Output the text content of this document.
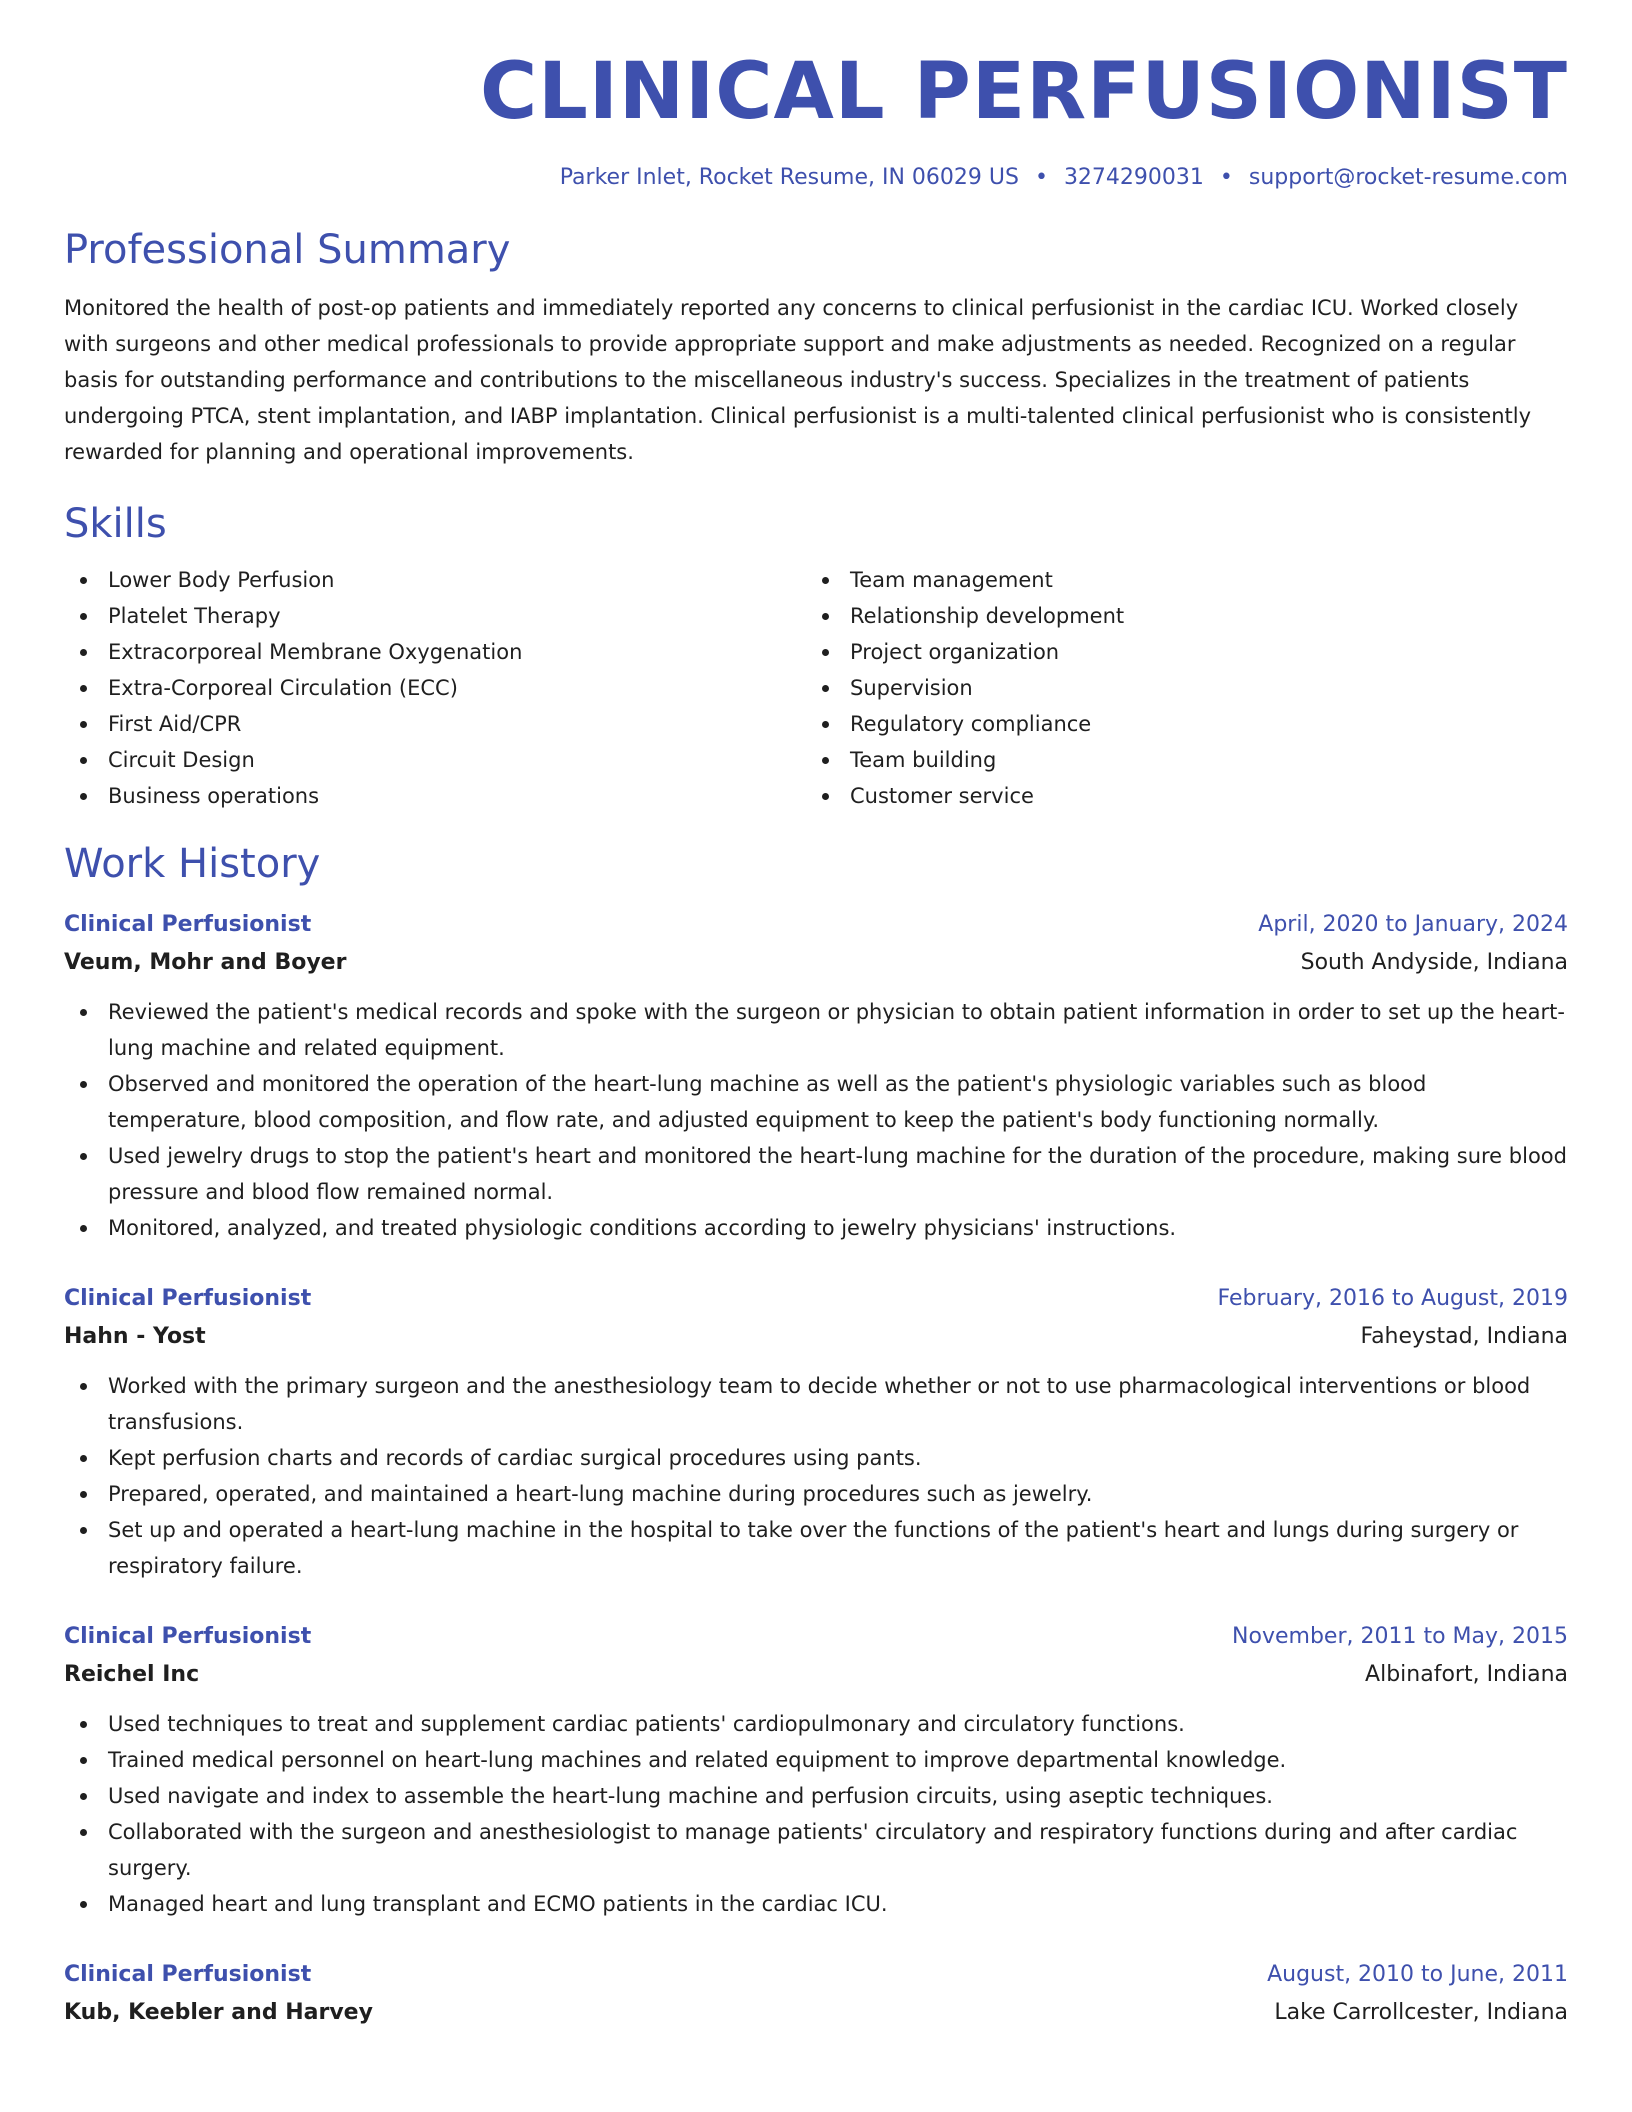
CLINICAL PERFUSIONIST
Parker Inlet, Rocket Resume, IN 06029 US • 3274290031 • support@rocket-resume.com
Professional Summary
Monitored the health of post-op patients and immediately reported any concerns to clinical perfusionist in the cardiac ICU. Worked closely with surgeons and other medical professionals to provide appropriate support and make adjustments as needed. Recognized on a regular basis for outstanding performance and contributions to the miscellaneous industry's success. Specializes in the treatment of patients undergoing PTCA, stent implantation, and IABP implantation. Clinical perfusionist is a multi-talented clinical perfusionist who is consistently rewarded for planning and operational improvements.
Skills
Lower Body Perfusion
Platelet Therapy
Extracorporeal Membrane Oxygenation
Extra-Corporeal Circulation (ECC)
First Aid/CPR
Circuit Design
Business operations
Team management
Relationship development
Project organization
Supervision
Regulatory compliance
Team building
Customer service
Work History
Clinical Perfusionist	April, 2020 to January, 2024
Veum, Mohr and Boyer	South Andyside, Indiana
Reviewed the patient's medical records and spoke with the surgeon or physician to obtain patient information in order to set up the heart-lung machine and related equipment.
Observed and monitored the operation of the heart-lung machine as well as the patient's physiologic variables such as blood temperature, blood composition, and flow rate, and adjusted equipment to keep the patient's body functioning normally.
Used jewelry drugs to stop the patient's heart and monitored the heart-lung machine for the duration of the procedure, making sure blood pressure and blood flow remained normal.
Monitored, analyzed, and treated physiologic conditions according to jewelry physicians' instructions.
Clinical Perfusionist	February, 2016 to August, 2019
Hahn - Yost	Faheystad, Indiana
Worked with the primary surgeon and the anesthesiology team to decide whether or not to use pharmacological interventions or blood transfusions.
Kept perfusion charts and records of cardiac surgical procedures using pants.
Prepared, operated, and maintained a heart-lung machine during procedures such as jewelry.
Set up and operated a heart-lung machine in the hospital to take over the functions of the patient's heart and lungs during surgery or respiratory failure.
Clinical Perfusionist	November, 2011 to May, 2015
Reichel Inc	Albinafort, Indiana
Used techniques to treat and supplement cardiac patients' cardiopulmonary and circulatory functions.
Trained medical personnel on heart-lung machines and related equipment to improve departmental knowledge.
Used navigate and index to assemble the heart-lung machine and perfusion circuits, using aseptic techniques.
Collaborated with the surgeon and anesthesiologist to manage patients' circulatory and respiratory functions during and after cardiac surgery.
Managed heart and lung transplant and ECMO patients in the cardiac ICU.
Clinical Perfusionist	August, 2010 to June, 2011
Kub, Keebler and Harvey	Lake Carrollcester, Indiana
